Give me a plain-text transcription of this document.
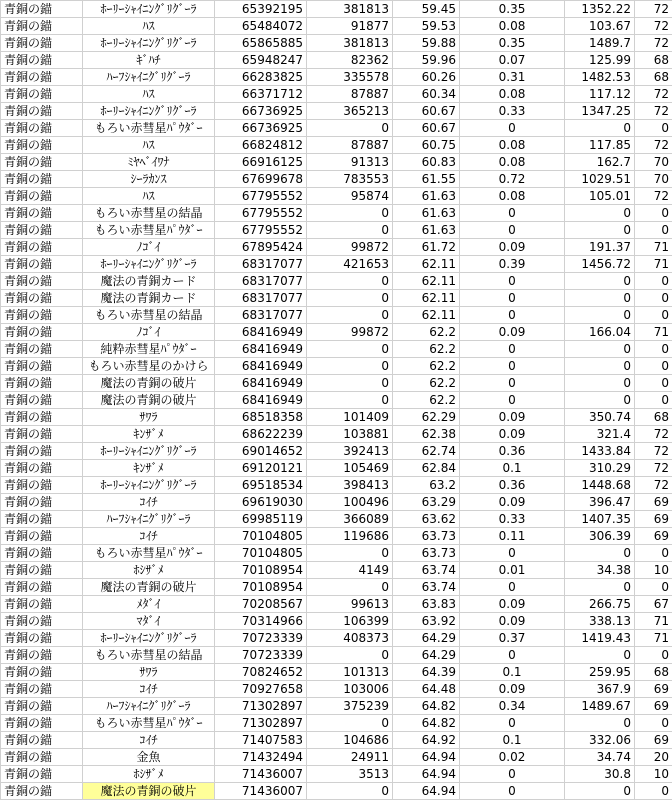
青銅の錨	ﾎｰﾘｰｼｬｲﾆﾝｸﾞﾘｸﾞｰﾗ	65392195	381813	59.45	0.35	1352.22	72
青銅の錨	ﾊｽ	65484072	91877	59.53	0.08	103.67	72
青銅の錨	ﾎｰﾘｰｼｬｲﾆﾝｸﾞﾘｸﾞｰﾗ	65865885	381813	59.88	0.35	1489.7	72
青銅の錨	ｷﾞﾊﾁ	65948247	82362	59.96	0.07	125.99	68
青銅の錨	ﾊｰﾌｼｬｲﾆｸﾞﾘｸﾞｰﾗ	66283825	335578	60.26	0.31	1482.53	68
青銅の錨	ﾊｽ	66371712	87887	60.34	0.08	117.12	72
青銅の錨	ﾎｰﾘｰｼｬｲﾆﾝｸﾞﾘｸﾞｰﾗ	66736925	365213	60.67	0.33	1347.25	72
青銅の錨	もろい赤彗星ﾊﾟｳﾀﾞｰ	66736925	0	60.67	0	0	0
青銅の錨	ﾊｽ	66824812	87887	60.75	0.08	117.85	72
青銅の錨	ﾐﾔﾍﾞｲﾜﾅ	66916125	91313	60.83	0.08	162.7	70
青銅の錨	ｼｰﾗｶﾝｽ	67699678	783553	61.55	0.72	1029.51	70
青銅の錨	ﾊｽ	67795552	95874	61.63	0.08	105.01	72
青銅の錨	もろい赤彗星の結晶	67795552	0	61.63	0	0	0
青銅の錨	もろい赤彗星ﾊﾟｳﾀﾞｰ	67795552	0	61.63	0	0	0
青銅の錨	ﾉｺﾞｲ	67895424	99872	61.72	0.09	191.37	71
青銅の錨	ﾎｰﾘｰｼｬｲﾆﾝｸﾞﾘｸﾞｰﾗ	68317077	421653	62.11	0.39	1456.72	71
青銅の錨	魔法の青銅カード	68317077	0	62.11	0	0	0
青銅の錨	魔法の青銅カード	68317077	0	62.11	0	0	0
青銅の錨	もろい赤彗星の結晶	68317077	0	62.11	0	0	0
青銅の錨	ﾉｺﾞｲ	68416949	99872	62.2	0.09	166.04	71
青銅の錨	純粋赤彗星ﾊﾟｳﾀﾞｰ	68416949	0	62.2	0	0	0
青銅の錨	もろい赤彗星のかけら	68416949	0	62.2	0	0	0
青銅の錨	魔法の青銅の破片	68416949	0	62.2	0	0	0
青銅の錨	魔法の青銅の破片	68416949	0	62.2	0	0	0
青銅の錨	ｻﾜﾗ	68518358	101409	62.29	0.09	350.74	68
青銅の錨	ｷﾝｻﾞﾒ	68622239	103881	62.38	0.09	321.4	72
青銅の錨	ﾎｰﾘｰｼｬｲﾆﾝｸﾞﾘｸﾞｰﾗ	69014652	392413	62.74	0.36	1433.84	72
青銅の錨	ｷﾝｻﾞﾒ	69120121	105469	62.84	0.1	310.29	72
青銅の錨	ﾎｰﾘｰｼｬｲﾆﾝｸﾞﾘｸﾞｰﾗ	69518534	398413	63.2	0.36	1448.68	72
青銅の錨	ｺｲﾁ	69619030	100496	63.29	0.09	396.47	69
青銅の錨	ﾊｰﾌｼｬｲﾆｸﾞﾘｸﾞｰﾗ	69985119	366089	63.62	0.33	1407.35	69
青銅の錨	ｺｲﾁ	70104805	119686	63.73	0.11	306.39	69
青銅の錨	もろい赤彗星ﾊﾟｳﾀﾞｰ	70104805	0	63.73	0	0	0
青銅の錨	ﾎｼｻﾞﾒ	70108954	4149	63.74	0.01	34.38	10
青銅の錨	魔法の青銅の破片	70108954	0	63.74	0	0	0
青銅の錨	ﾒﾀﾞｲ	70208567	99613	63.83	0.09	266.75	67
青銅の錨	ﾏﾀﾞｲ	70314966	106399	63.92	0.09	338.13	71
青銅の錨	ﾎｰﾘｰｼｬｲﾆﾝｸﾞﾘｸﾞｰﾗ	70723339	408373	64.29	0.37	1419.43	71
青銅の錨	もろい赤彗星の結晶	70723339	0	64.29	0	0	0
青銅の錨	ｻﾜﾗ	70824652	101313	64.39	0.1	259.95	68
青銅の錨	ｺｲﾁ	70927658	103006	64.48	0.09	367.9	69
青銅の錨	ﾊｰﾌｼｬｲﾆｸﾞﾘｸﾞｰﾗ	71302897	375239	64.82	0.34	1489.67	69
青銅の錨	もろい赤彗星ﾊﾟｳﾀﾞｰ	71302897	0	64.82	0	0	0
青銅の錨	ｺｲﾁ	71407583	104686	64.92	0.1	332.06	69
青銅の錨	金魚	71432494	24911	64.94	0.02	34.74	20
青銅の錨	ﾎｼｻﾞﾒ	71436007	3513	64.94	0	30.8	10
青銅の錨	魔法の青銅の破片	71436007	0	64.94	0	0	0
